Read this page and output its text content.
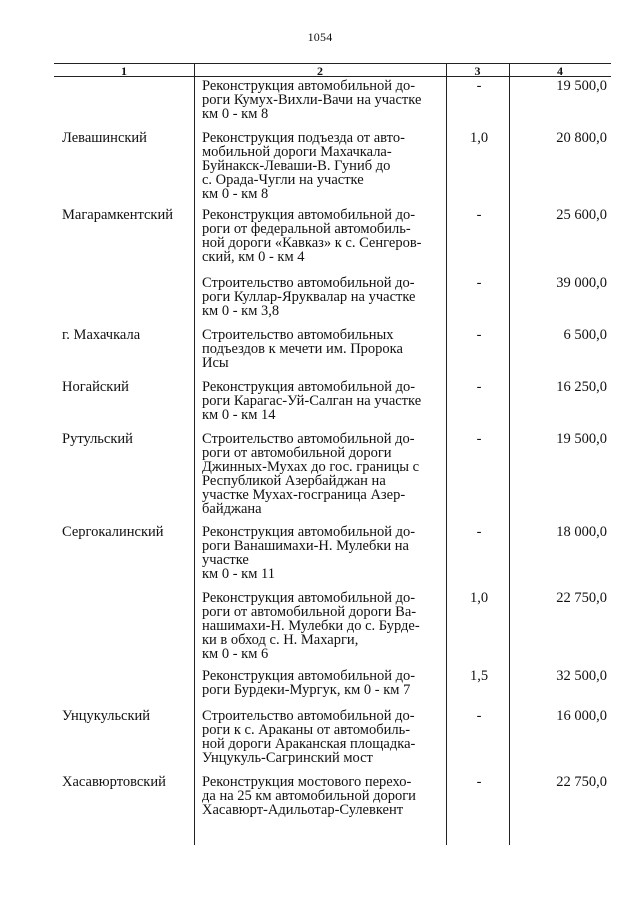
1054
1	2	3	4
Реконструкция автомобильной до-
роги Кумух-Вихли-Вачи на участке
км 0 - км 8
-	19 500,0
Левашинский	Реконструкция подъезда от авто-
мобильной дороги Махачкала-
Буйнакск-Леваши-В. Гуниб до
с. Орада-Чугли на участке
км 0 - км 8
1,0	20 800,0
Магарамкентский	Реконструкция автомобильной до-
роги от федеральной автомобиль-
ной дороги «Кавказ» к с. Сенгеров-
ский, км 0 - км 4
-	25 600,0
Строительство автомобильной до-
роги Куллар-Яруквалар на участке
км 0 - км 3,8
-	39 000,0
г. Махачкала	Строительство автомобильных
подъездов к мечети им. Пророка
Исы
-	6 500,0
Ногайский	Реконструкция автомобильной до-
роги Карагас-Уй-Салган на участке
км 0 - км 14
-	16 250,0
Рутульский	Строительство автомобильной до-
роги от автомобильной дороги
Джинных-Мухах до гос. границы с
Республикой Азербайджан на
участке Мухах-госграница Азер-
байджана
-	19 500,0
Сергокалинский	Реконструкция автомобильной до-
роги Ванашимахи-Н. Мулебки на
участке
км 0 - км 11
-	18 000,0
Реконструкция автомобильной до-
роги от автомобильной дороги Ва-
нашимахи-Н. Мулебки до с. Бурде-
ки в обход с. Н. Махарги,
км 0 - км 6
1,0	22 750,0
Реконструкция автомобильной до-
роги Бурдеки-Мургук, км 0 - км 7
1,5	32 500,0
Унцукульский	Строительство автомобильной до-
роги к с. Араканы от автомобиль-
ной дороги Араканская площадка-
Унцукуль-Сагринский мост
-	16 000,0
Хасавюртовский	Реконструкция мостового перехо-
да на 25 км автомобильной дороги
Хасавюрт-Адильотар-Сулевкент
-	22 750,0
